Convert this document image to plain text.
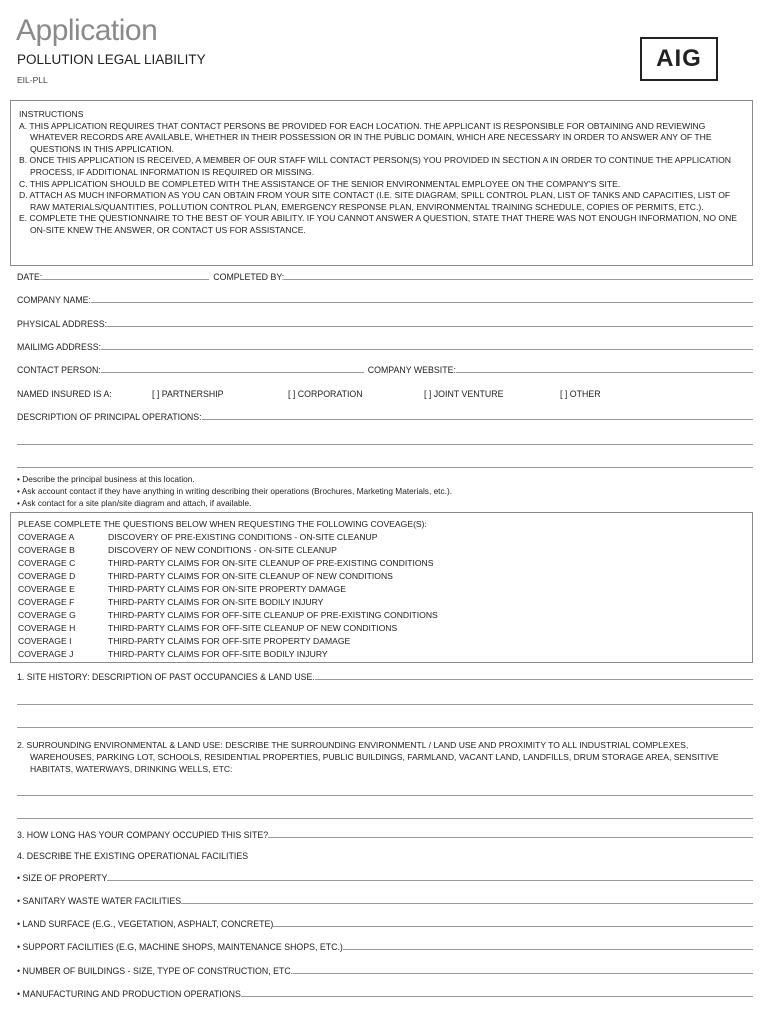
Application
POLLUTION LEGAL LIABILITY
EIL-PLL
AIG
INSTRUCTIONS
A. THIS APPLICATION REQUIRES THAT CONTACT PERSONS BE PROVIDED FOR EACH LOCATION. THE APPLICANT IS RESPONSIBLE FOR OBTAINING AND REVIEWING WHATEVER RECORDS ARE AVAILABLE, WHETHER IN THEIR POSSESSION OR IN THE PUBLIC DOMAIN, WHICH ARE NECESSARY IN ORDER TO ANSWER ANY OF THE QUESTIONS IN THIS APPLICATION.
B. ONCE THIS APPLICATION IS RECEIVED, A MEMBER OF OUR STAFF WILL CONTACT PERSON(S) YOU PROVIDED IN SECTION A IN ORDER TO CONTINUE THE APPLICATION PROCESS, IF ADDITIONAL INFORMATION IS REQUIRED OR MISSING.
C. THIS APPLICATION SHOULD BE COMPLETED WITH THE ASSISTANCE OF THE SENIOR ENVIRONMENTAL EMPLOYEE ON THE COMPANY'S SITE.
D. ATTACH AS MUCH INFORMATION AS YOU CAN OBTAIN FROM YOUR SITE CONTACT (I.E. SITE DIAGRAM, SPILL CONTROL PLAN, LIST OF TANKS AND CAPACITIES, LIST OF RAW MATERIALS/QUANTITIES, POLLUTION CONTROL PLAN, EMERGENCY RESPONSE PLAN, ENVIRONMENTAL TRAINING SCHEDULE, COPIES OF PERMITS, ETC.).
E. COMPLETE THE QUESTIONNAIRE TO THE BEST OF YOUR ABILITY. IF YOU CANNOT ANSWER A QUESTION, STATE THAT THERE WAS NOT ENOUGH INFORMATION, NO ONE ON-SITE KNEW THE ANSWER, OR CONTACT US FOR ASSISTANCE.
DATE:	COMPLETED BY:
COMPANY NAME:
PHYSICAL ADDRESS:
MAILIMG ADDRESS:
CONTACT PERSON:	COMPANY WEBSITE:
NAMED INSURED IS A:	[ ] PARTNERSHIP	[ ] CORPORATION	[ ] JOINT VENTURE	[ ] OTHER
DESCRIPTION OF PRINCIPAL OPERATIONS:
• Describe the principal business at this location.
• Ask account contact if they have anything in writing describing their operations (Brochures, Marketing Materials, etc.).
• Ask contact for a site plan/site diagram and attach, if available.
PLEASE COMPLETE THE QUESTIONS BELOW WHEN REQUESTING THE FOLLOWING COVEAGE(S):
COVERAGE A	DISCOVERY OF PRE-EXISTING CONDITIONS - ON-SITE CLEANUP
COVERAGE B	DISCOVERY OF NEW CONDITIONS - ON-SITE CLEANUP
COVERAGE C	THIRD-PARTY CLAIMS FOR ON-SITE CLEANUP OF PRE-EXISTING CONDITIONS
COVERAGE D	THIRD-PARTY CLAIMS FOR ON-SITE CLEANUP OF NEW CONDITIONS
COVERAGE E	THIRD-PARTY CLAIMS FOR ON-SITE PROPERTY DAMAGE
COVERAGE F	THIRD-PARTY CLAIMS FOR ON-SITE BODILY INJURY
COVERAGE G	THIRD-PARTY CLAIMS FOR OFF-SITE CLEANUP OF PRE-EXISTING CONDITIONS
COVERAGE H	THIRD-PARTY CLAIMS FOR OFF-SITE CLEANUP OF NEW CONDITIONS
COVERAGE I	THIRD-PARTY CLAIMS FOR OFF-SITE PROPERTY DAMAGE
COVERAGE J	THIRD-PARTY CLAIMS FOR OFF-SITE BODILY INJURY
1. SITE HISTORY: DESCRIPTION OF PAST OCCUPANCIES & LAND USE.
2. SURROUNDING ENVIRONMENTAL & LAND USE: DESCRIBE THE SURROUNDING ENVIRONMENTL / LAND USE AND PROXIMITY TO ALL INDUSTRIAL COMPLEXES, WAREHOUSES, PARKING LOT, SCHOOLS, RESIDENTIAL PROPERTIES, PUBLIC BUILDINGS, FARMLAND, VACANT LAND, LANDFILLS, DRUM STORAGE AREA, SENSITIVE HABITATS, WATERWAYS, DRINKING WELLS, ETC:
3. HOW LONG HAS YOUR COMPANY OCCUPIED THIS SITE?
4. DESCRIBE THE EXISTING OPERATIONAL FACILITIES
• SIZE OF PROPERTY
• SANITARY WASTE WATER FACILITIES
• LAND SURFACE (E.G., VEGETATION, ASPHALT, CONCRETE)
• SUPPORT FACILITIES (E.G, MACHINE SHOPS, MAINTENANCE SHOPS, ETC.)
• NUMBER OF BUILDINGS - SIZE, TYPE OF CONSTRUCTION, ETC.
• MANUFACTURING AND PRODUCTION OPERATIONS
